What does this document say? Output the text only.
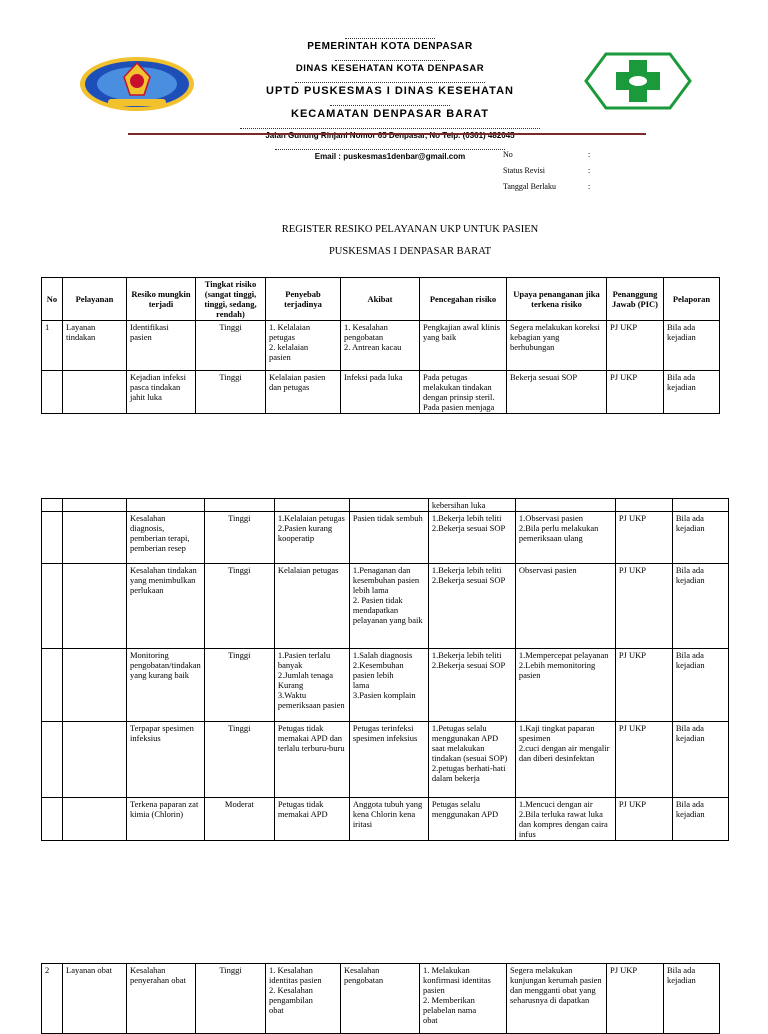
PEMERINTAH KOTA DENPASAR
DINAS KESEHATAN KOTA DENPASAR
UPTD PUSKESMAS I DINAS KESEHATAN
KECAMATAN DENPASAR BARAT
Jalan Gunung Rinjani Nomor 65 Denpasar, No Telp. (0361) 482045
Email : puskesmas1denbar@gmail.com	No	:
Status Revisi	:
Tanggal Berlaku	:
REGISTER RESIKO PELAYANAN UKP UNTUK PASIEN
PUSKESMAS I DENPASAR BARAT
No	Pelayanan	Resiko mungkin terjadi	Tingkat risiko (sangat tinggi, tinggi, sedang, rendah)	Penyebab terjadinya	Akibat	Pencegahan risiko	Upaya penanganan jika terkena risiko	Penanggung Jawab (PIC)	Pelaporan
1	Layanan tindakan	Identifikasi pasien	Tinggi	1. Kelalaian
petugas
2. kelalaian
pasien	1. Kesalahan
pengobatan
2. Antrean kacau	Pengkajian awal klinis yang baik	Segera melakukan koreksi kebagian yang berhubungan	PJ UKP	Bila ada kejadian
		Kejadian infeksi pasca tindakan jahit luka	Tinggi	Kelalaian pasien dan petugas	Infeksi pada luka	Pada petugas melakukan tindakan dengan prinsip steril. Pada pasien menjaga	Bekerja sesuai SOP	PJ UKP	Bila ada kejadian
						kebersihan luka			
		Kesalahan diagnosis, pemberian terapi, pemberian resep	Tinggi	1.Kelalaian petugas
2.Pasien kurang kooperatip	Pasien tidak sembuh	1.Bekerja lebih teliti
2.Bekerja sesuai SOP	1.Observasi pasien
2.Bila perlu melakukan pemeriksaan ulang	PJ UKP	Bila ada kejadian
		Kesalahan tindakan yang menimbulkan perlukaan	Tinggi	Kelalaian petugas	1.Penaganan dan kesembuhan pasien lebih lama
2. Pasien tidak mendapatkan pelayanan yang baik	1.Bekerja lebih teliti
2.Bekerja sesuai SOP	Observasi pasien	PJ UKP	Bila ada kejadian
		Monitoring pengobatan/tindakan yang kurang baik	Tinggi	1.Pasien terlalu banyak
2.Jumlah tenaga Kurang
3.Waktu pemeriksaan pasien	1.Salah diagnosis
2.Kesembuhan
pasien lebih
lama
3.Pasien komplain	1.Bekerja lebih teliti
2.Bekerja sesuai SOP	1.Mempercepat pelayanan
2.Lebih memonitoring pasien	PJ UKP	Bila ada kejadian
		Terpapar spesimen infeksius	Tinggi	Petugas tidak memakai APD dan terlalu terburu-buru	Petugas terinfeksi spesimen infeksius	1.Petugas selalu menggunakan APD saat melakukan tindakan (sesuai SOP)
2.petugas berhati-hati dalam bekerja	1.Kaji tingkat paparan spesimen
2.cuci dengan air mengalir dan diberi desinfektan	PJ UKP	Bila ada kejadian
		Terkena paparan zat kimia (Chlorin)	Moderat	Petugas tidak memakai APD	Anggota tubuh yang kena Chlorin kena iritasi	Petugas selalu menggunakan APD	1.Mencuci dengan air
2.Bila terluka rawat luka dan kompres dengan caira infus	PJ UKP	Bila ada kejadian
2	Layanan obat	Kesalahan penyerahan obat	Tinggi	1. Kesalahan
identitas pasien
2. Kesalahan
pengambilan
obat	Kesalahan pengobatan	1. Melakukan
konfirmasi identitas
pasien
2. Memberikan
pelabelan nama
obat	Segera melakukan kunjungan kerumah pasien dan mengganti obat yang seharusnya di dapatkan	PJ UKP	Bila ada kejadian
